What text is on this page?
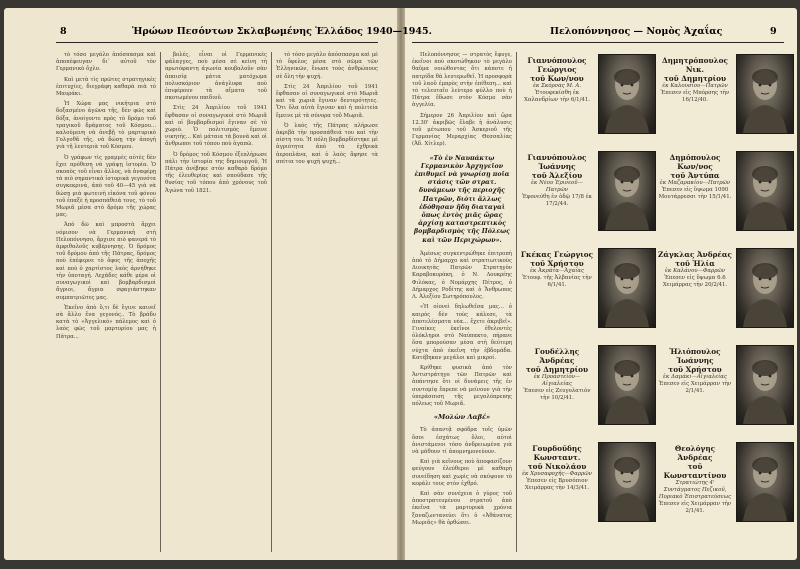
8	Ἡρώων Πεσόντων Σκλαβωμένης Ἑλλάδος 1940—1945.

τὸ τόσο μεγάλο ἀπόσπασμα καὶ ἀποπέφευγαν δι᾽ αὐτοῦ τὸν Γερμανικὸ ὄχλο.

Καὶ μετὰ τὶς πρῶτες στρατηγικὲς ἐπιτυχίες, διεγράφη καθαρὰ πιὰ τὸ Μαυράκι.

Ἡ Χώρα μας νικήτρια στὸ δοξασμένο ἀγῶνα τῆς, δὲν φῶς καὶ δόξα, ἀνοίγοντε πρὸς τὸ δρόμο τοῦ τραγικοῦ δράματος τοῦ Κόσμου... καλούμενη νὰ ἀνεβῇ τὸ μαρτυρικὸ Γολγοθᾶ τῆς, νὰ δώσῃ τὴν ἀπογὴ γιὰ τῆ λευτεριὰ τοῦ Κόσμου.

Ὁ γράφων τὶς γραμμὲς αὐτὲς δὲν ἔχει πρόθεση νὰ γράψῃ ἱστορία. Ὁ σκοπὸς τοῦ εἶναι ἄλλος, νὰ ἀναφέρῃ τὰ πιὸ σημαντικὰ ἱστορικὰ γεγονότα συγκεκρινά, ἀπὸ τοῦ 40—45 γιὰ νὰ δώσῃ μιὰ φωτεινὴ εἰκόνα τοῦ φόνου τοῦ ἐπαξὲ ἡ προσπάθειά τους, τὸ τοῦ Μωριᾶ μέσα στὸ δρόμο τῆς χώρας μας.

Ἀπὸ δῶ καὶ μπροστὰ ἄρχει νόμισον νὰ Γερμανικὴ στὴ Πελοπόννησο, ἄρχισε πιὸ φανερά τὸ ἀμφιθαλοῦς κυβέρνησης. Ὁ δρόμος τοῦ δρόμου ἀπὸ τῆς Πάτρας, δρόμος ποὺ ἐπέφερνε τὸ ὄφος τῆς ἀποχῆς καὶ ποὺ ὁ χαρτὶστος λαὸς ἀρνήθηκε τὴν ὑποταγή. Λεχάδες κάθε μέρα οἱ συναγωγικοὶ καὶ βομβαρδισμοὶ ἄγριοι, ἄγρια σφαγιάστηκαν συμπατριῶτες μας.

Ἐκεῖνο ἀπὸ ὅ,τι δὲ ἔγινε καινεῖ σὰ ἄλλο ἕνα γεγονός.. Τὸ βράδυ κατὰ τὸ «Ἀγγελικὸ» πάλεμος καὶ ὁ λαὸς φῶς τοῦ μαρτυρίου μας ἡ Πάτρα...

βολές, εἶναι οἱ Γερμανικὲς φάλαγγες, ποὺ μέσα σὲ κείνη τὴ πρωτόφαντη ἀγωνία κουβαλοῦν σὰν ἀπαισίᾳ μάτια ματόχωμα πολυσκόριον ἀνάγλυφα ποὺ ἐπιφέρουν τὰ αἵματα τοῦ σκοτωμένου παιδιοῦ.

Στὶς 24 Ἀπριλίου τοῦ 1941 ἔφθασαν οἱ συναγωγικοὶ στὸ Μωριᾶ καὶ οἱ βομβαρδισμοὶ ἔγιναν σὲ τὸ χωριὸ. Ὁ πολιτισμὸς ἔμεινε νικητὴς... Καὶ μάταια τὰ βουνὰ καὶ οἱ ἄνθρωποι τοῦ τόπου ποὺ ἀγαπῶ.

Ὁ δρόμος τοῦ Κόσμου ἐξεπλήρωσε πάλι τὴν ἱστορία της δημιουργοῦ, Ἡ Πάτρα ἀνέβηκε στὸν καθαρὸ δρόμο τῆς ἐλευθερίας καὶ σπούδασε τῆς θυσίας τοῦ τόπου ἀπὸ χρόνους τοῦ Ἀγώνα τοῦ 1821.

τὸ τόσο μεγάλο ἀπόσπασμα καὶ μὲ τὸ ὄφελος μέσα στὸ σῶμα τῶν Ἑλληνικῶν, ἔνωσε τοὺς ἀνθρώπους σὲ ὅλη τὴν ψυχή.

Στὶς 24 Ἀπριλίου τοῦ 1941 ἔφθασαν οἱ συναγωγικοὶ στὸ Μωριᾶ καὶ τὰ χωριὰ ἔγιναν δευτερότητες. Ὅτι ὅλα αὐτὰ ἔγιναν καὶ ἡ πολιτεία ἔμεινε μὲ τὰ σύνορα τοῦ Μωριᾶ.

Ὁ λαὸς τῆς Πάτρας πλήρωσε ἀκριβὰ τὴν προσπάθειά του καὶ τὴν πίστη του. Ἡ πόλη βομβαρδίστηκε μὲ ἀγριότητα ἀπὸ τὰ ἐχθρικὰ ἀεροπλάνα, καὶ ὁ λαὸς ἄφησε τὰ σπίτια του ψυχὴ ψυχή...

Πελοπόννησος — Νομὸς Ἀχαΐας	9

Πελοπόννησος — στρατὸς ἔφυγε, ἐκεῖνοι ποὺ σκοτώθηκαν τὸ μεγάλο θαῦμα νοιώθοντας ὅτι κάποτε ἡ πατρίδα θὰ λευτερωθεῖ. Ἡ προσφορὰ τοῦ λαοῦ ἐμπρὸς στὴν ἐπίθεση... καὶ τὸ τελευταῖο λεύτερο φύλλο ποὺ ἡ Πάτρα ἔδωσε στὸν Κόσμο σὰν ἀγγελία.

Σήμερον 26 Ἀπριλίου καὶ ὥρα 12.30' ἀκριβῶς ἔλαβε ἡ ἀνάλυσις τοῦ μέτωπου τοῦ Ἀσκεριοῦ τῆς Γερμανίας Μεραρχίας Θεσσαλίας (Ἀδ. Χίτλερ).

«Τὸ ἐν Ναυπάκτῳ Γερμανικὸν Ἀρχηγεῖον ἐπιθυμεῖ νὰ γνωρίσῃ ποῖα στάσις τῶν στρατ. δυνάμεων τῆς περιοχῆς Πατρῶν, διότι ἄλλως ἐδόθησαν ἤδη διαταγαὶ ὅπως ἐντὸς μιᾶς ὥρας ἀρχίσῃ καταστρεπτικὸς βομβαρδισμὸς τῆς Πόλεως καὶ τῶν Περιχώρων».

Ἀμέσως συγκεντρώθηκε ἐπιτροπὴ ἀπὸ τὸ Δήμαρχο καὶ στρατιωτικοὺς Διοικητὰς Πατρῶν Στρατηγὸν Καραβοκυράκη, ὁ Ν. Λουκρέης Φιλόκας, ὁ Νομάρχης Πέτρος, ὁ Δήμαρχος Ροδίτης καὶ ὁ Ἄνθρωπος Λ. Ἀλεξίου Σωτηρόπουλος.

«Ἡ οἰονεὶ δηλωθεῖσα μας... ὁ καιρὸς δὲν τοὺς κάλεσε, τὰ ἀποτελέσματα νέα... ἔχετε ἀκριβεῖ». Γιναίκες ἐκεῖνοι ἐθελοντὲς ὀλόκληροι στὸ Ναύπακτο, πήρανε ὅσα μπορούσαν μέσα στὴ δεύτερη νύχτα ἀπὸ ἐκεῖνη τὴν ἐβδομάδα. Κατέβηκαν μεγάλοι καὶ μικροί.

Κρίθηκε φυσικὰ ἀπὸ τὸν Ἀντιστράτηγο τῶν Πατρῶν καὶ ἀπάντησε ὅτι οἱ δυνάμεις τῆς ἐν συντομίᾳ ἔπρεπε νὰ μείνουν γιὰ τὴν ὑπεράσπιση τῆς μεγαλόπρεπης πόλεως τοῦ Μωριᾶ.

«Μολὼν Λαβέ»

Τὸ ἀπαντᾷ σφόδρα τοῖς ὑμῶν ὅσοι ἐσχάτως ὅλοι, αὐτοὶ ἀνιστάμενοι τόσο ἀνδρειωμένα γιὰ νὰ μάθουν τί ἀπομνημονεύουν.

Καὶ γιὰ κεῖνους ποὺ ἀποφασίζουν φεύγουν ἐλεύθεροι μὲ καθαρὴ συνείδηση καὶ χωρὶς νὰ σκύψουν τὸ κεφάλι τους στὸν ἐχθρό.

Καὶ σὰν συνέχεια ὁ γύρος τοῦ ἀποστρατευμένου στρατοῦ ἀπὸ ἐκεῖνα τὰ μαρτυρικὰ χρόνια ξαναζωντανεύει ὅτι ὁ «Ἀθάνατος Μωριᾶς» θὰ ὀρθώσει.

Γιαννόπουλος Γεώργιος
τοῦ Κων/νου
ἐκ Σκόρνας Μ. Α.
Ἐτουφεκίσθη ἐκ Χαλανδρίων τὴν 6/1/41.
Γιαννόπουλος Ἰωάννης
τοῦ Ἀλεξίου
ἐκ Νέου Ἐρινεοῦ—Πατρῶν
Ἐφονεύθη ἐν ὁδῷ 17/8 ἐκ 17/2/44.
Γκέκας Γεώργιος
τοῦ Χρήστου
ἐκ Ἀκράτα—Ἀχαΐας
Ἐτουφ. τῆς Ἀλβανίας τὴν 6/1/41.
Γουδέλλης Ἀνδρέας
τοῦ Δημητρίου
ἐκ Προαστείου—Αἰγιαλείας
Ἐπεσεν εἰς Ζευγολατιὸν τὴν 10/2/41.
Γουρδοῦδης Κωνσταντ.
τοῦ Νικολάου
ἐκ Χρυσαφοχῆς—Φαρρῶν
Ἐπεσεν εἰς Βρυσόπιον Χειμάρρας τὴν 14/3/41.
Δημητρόπουλος Νικ.
τοῦ Δημητρίου
ἐκ Καλουσίου—Πατρῶν
Ἐπεσεν εἰς Μπόρσης τὴν 16/12/40.
Δημόπουλος Κων/νος
τοῦ Ἀντύπα
ἐκ Μαζαρακίου—Πατρῶν
Ἐπεσεν εἰς ὕψωμα 1090 Μουτάρρεσσι τὴν 15/1/41.
Ζάγκλας Ἀνδρέας
τοῦ Ἠλία
ἐκ Καλάνου—Φαρρῶν
Ἐπεσεν εἰς ὕψωμα 6.6 Χειμάρρας τὴν 20/2/41.
Ἠλιόπουλος Ἰωάννης
τοῦ Χρήστου
ἐκ Δαμάκι—Αἰγιαλείας
Ἐπεσεν εἰς Χειμάρραν τὴν 2/1/41.
Θεολόγης Ἀνδρέας
τοῦ Κωνσταντίνου
Στρατιώτης 4' Συντάγματος Πεζικοῦ, Ποριακὸ Ἐπιστρατεύσεως
Ἐπεσεν εἰς Χειμάρραν τὴν 2/1/41.
